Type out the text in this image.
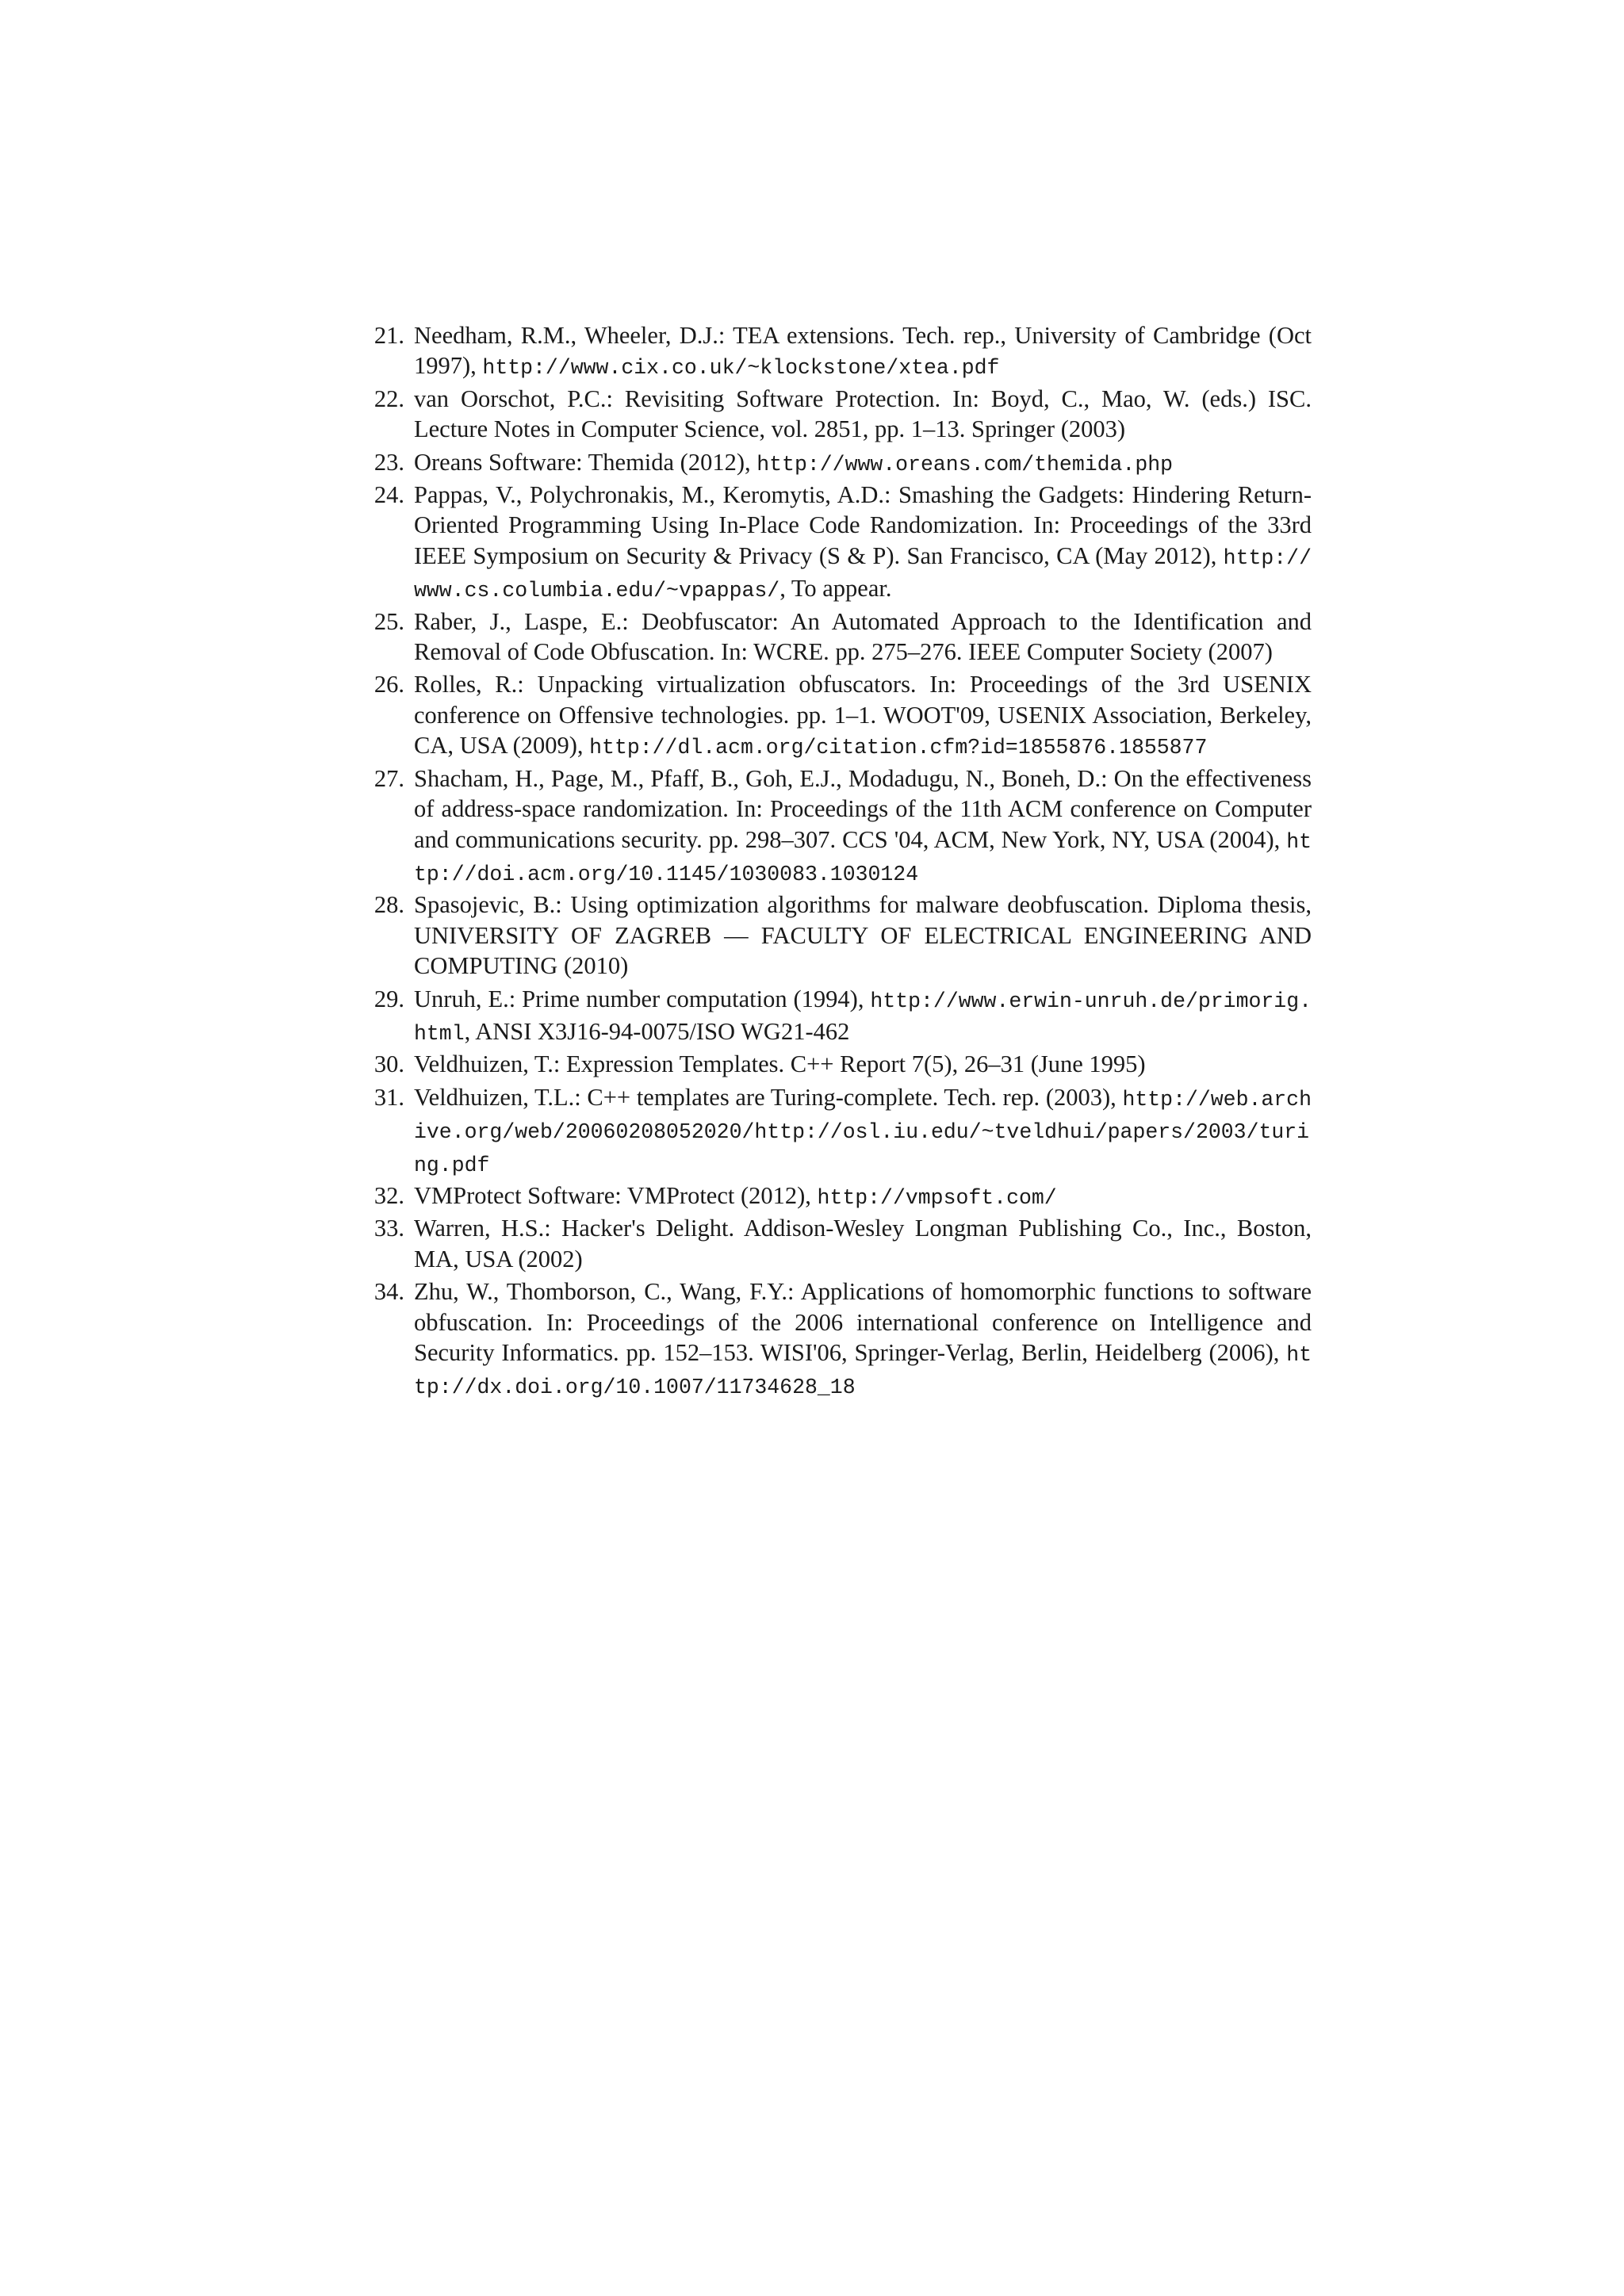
21. Needham, R.M., Wheeler, D.J.: TEA extensions. Tech. rep., University of Cambridge (Oct 1997), http://www.cix.co.uk/~klockstone/xtea.pdf
22. van Oorschot, P.C.: Revisiting Software Protection. In: Boyd, C., Mao, W. (eds.) ISC. Lecture Notes in Computer Science, vol. 2851, pp. 1–13. Springer (2003)
23. Oreans Software: Themida (2012), http://www.oreans.com/themida.php
24. Pappas, V., Polychronakis, M., Keromytis, A.D.: Smashing the Gadgets: Hindering Return-Oriented Programming Using In-Place Code Randomization. In: Proceedings of the 33rd IEEE Symposium on Security & Privacy (S & P). San Francisco, CA (May 2012), http://www.cs.columbia.edu/~vpappas/, To appear.
25. Raber, J., Laspe, E.: Deobfuscator: An Automated Approach to the Identification and Removal of Code Obfuscation. In: WCRE. pp. 275–276. IEEE Computer Society (2007)
26. Rolles, R.: Unpacking virtualization obfuscators. In: Proceedings of the 3rd USENIX conference on Offensive technologies. pp. 1–1. WOOT'09, USENIX Association, Berkeley, CA, USA (2009), http://dl.acm.org/citation.cfm?id=1855876.1855877
27. Shacham, H., Page, M., Pfaff, B., Goh, E.J., Modadugu, N., Boneh, D.: On the effectiveness of address-space randomization. In: Proceedings of the 11th ACM conference on Computer and communications security. pp. 298–307. CCS '04, ACM, New York, NY, USA (2004), http://doi.acm.org/10.1145/1030083.1030124
28. Spasojevic, B.: Using optimization algorithms for malware deobfuscation. Diploma thesis, UNIVERSITY OF ZAGREB — FACULTY OF ELECTRICAL ENGINEERING AND COMPUTING (2010)
29. Unruh, E.: Prime number computation (1994), http://www.erwin-unruh.de/primorig.html, ANSI X3J16-94-0075/ISO WG21-462
30. Veldhuizen, T.: Expression Templates. C++ Report 7(5), 26–31 (June 1995)
31. Veldhuizen, T.L.: C++ templates are Turing-complete. Tech. rep. (2003), http://web.archive.org/web/20060208052020/http://osl.iu.edu/~tveldhui/papers/2003/turing.pdf
32. VMProtect Software: VMProtect (2012), http://vmpsoft.com/
33. Warren, H.S.: Hacker's Delight. Addison-Wesley Longman Publishing Co., Inc., Boston, MA, USA (2002)
34. Zhu, W., Thomborson, C., Wang, F.Y.: Applications of homomorphic functions to software obfuscation. In: Proceedings of the 2006 international conference on Intelligence and Security Informatics. pp. 152–153. WISI'06, Springer-Verlag, Berlin, Heidelberg (2006), http://dx.doi.org/10.1007/11734628_18
